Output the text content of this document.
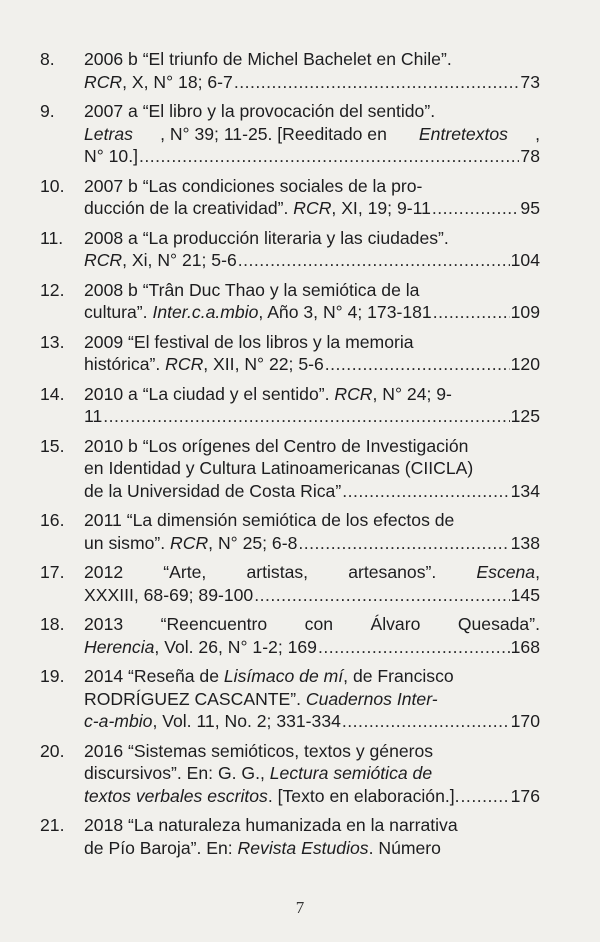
8. 2006 b “El triunfo de Michel Bachelet en Chile”.
RCR , X, N° 18; 6-7 .....	73
9. 2007 a “El libro y la provocación del sentido”.
Letras , N° 39; 11-25. [Reeditado en Entretextos ,
N° 10.] .....	78
10. 2007 b “Las condiciones sociales de la pro-
ducción de la creatividad”. RCR , XI, 19; 9-11 .....	95
11. 2008 a “La producción literaria y las ciudades”.
RCR , Xi, N° 21; 5-6 .....	104
12. 2008 b “Trân Duc Thao y la semiótica de la
cultura”. Inter.c.a.mbio , Año 3, N° 4; 173-181 .....	109
13. 2009 “El festival de los libros y la memoria
histórica”. RCR , XII, N° 22; 5-6 .....	120
14. 2010 a “La ciudad y el sentido”. RCR , N° 24; 9-
11 .....	125
15. 2010 b “Los orígenes del Centro de Investigación
en Identidad y Cultura Latinoamericanas (CIICLA)
de la Universidad de Costa Rica” .....	134
16. 2011 “La dimensión semiótica de los efectos de
un sismo”. RCR , N° 25; 6-8 .....	138
17. 2012 “Arte, artistas, artesanos”. Escena,
XXXIII, 68-69; 89-100 .....	145
18. 2013 “Reencuentro con Álvaro Quesada”.
Herencia , Vol. 26, N° 1-2; 169 .....	168
19. 2014 “Reseña de Lisímaco de mí , de Francisco
RODRÍGUEZ CASCANTE”. Cuadernos Inter-
c-a-mbio , Vol. 11, No. 2; 331-334 .....	170
20. 2016 “Sistemas semióticos, textos y géneros
discursivos”. En: G. G., Lectura semiótica de
textos verbales escritos . [Texto en elaboración.]. .....	176
21. 2018 “La naturaleza humanizada en la narrativa
de Pío Baroja”. En: Revista Estudios . Número
7
